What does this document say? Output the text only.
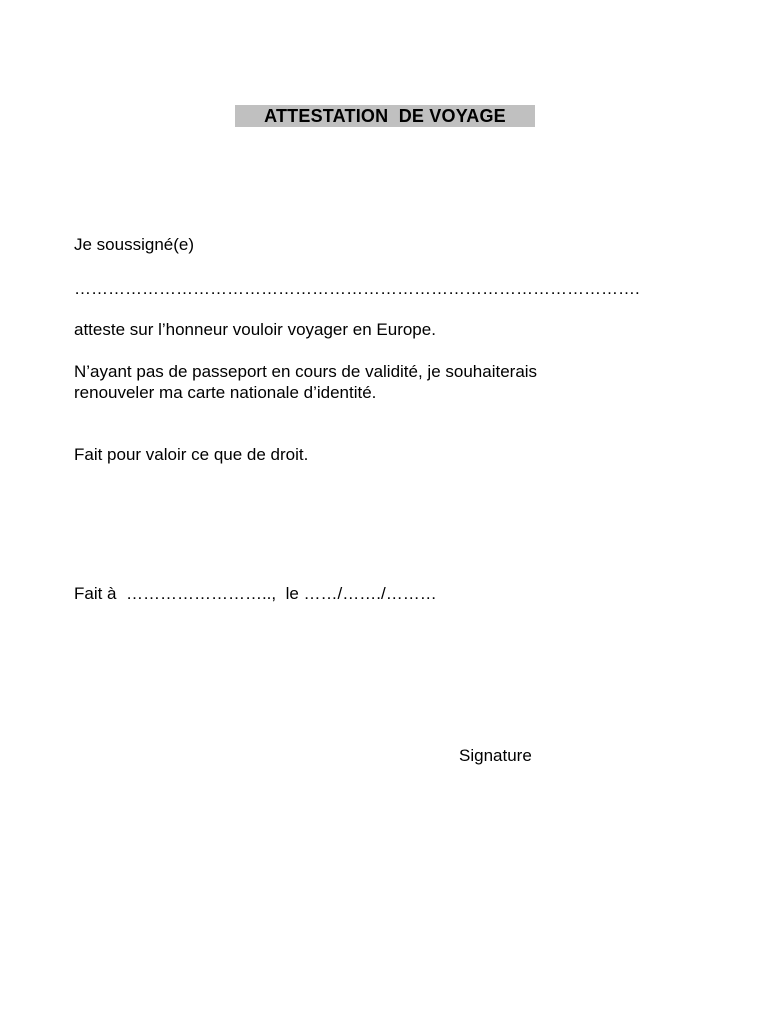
ATTESTATION  DE VOYAGE
Je soussigné(e)
……………………………………………………………………………………….
atteste sur l’honneur vouloir voyager en Europe.
N’ayant pas de passeport en cours de validité, je souhaiterais
renouveler ma carte nationale d’identité.
Fait pour valoir ce que de droit.
Fait à  ……………………..,  le ……/……./………
Signature
